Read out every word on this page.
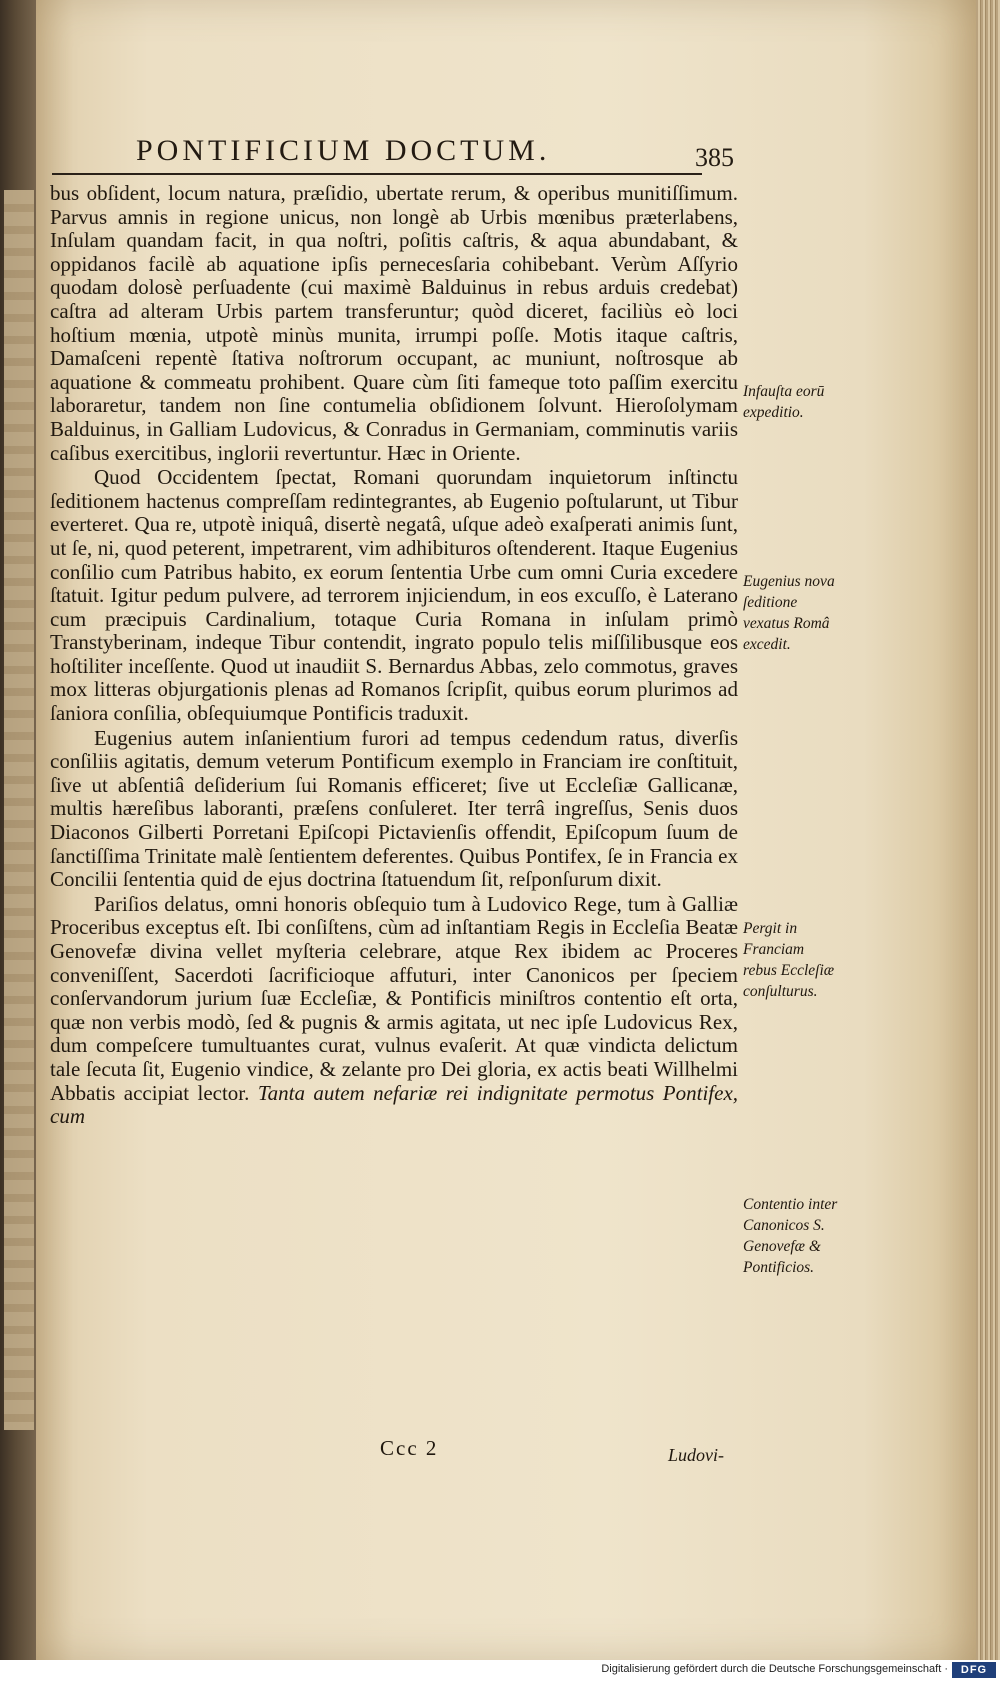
PONTIFICIUM DOCTUM.	385

bus obſident, locum natura, præſidio, ubertate rerum, & operibus munitiſſimum. Parvus amnis in regione unicus, non longè ab Urbis mœnibus præterlabens, Inſulam quandam facit, in qua noſtri, poſitis caſtris, & aqua abundabant, & oppidanos facilè ab aquatione ipſis pernecesſaria cohibebant. Verùm Aſſyrio quodam dolosè perſuadente (cui maximè Balduinus in rebus arduis credebat) caſtra ad alteram Urbis partem transferuntur; quòd diceret, faciliùs eò loci hoſtium mœnia, utpotè minùs munita, irrumpi poſſe. Motis itaque caſtris, Damaſceni repentè ſtativa noſtrorum occupant, ac muniunt, noſtrosque ab aquatione & commeatu prohibent. Quare cùm ſiti fameque toto paſſim exercitu laboraretur, tandem non ſine contumelia obſidionem ſolvunt. Hieroſolymam Balduinus, in Galliam Ludovicus, & Conradus in Germaniam, comminutis variis caſibus exercitibus, inglorii revertuntur. Hæc in Oriente.

Quod Occidentem ſpectat, Romani quorundam inquietorum inſtinctu ſeditionem hactenus compreſſam redintegrantes, ab Eugenio poſtularunt, ut Tibur everteret. Qua re, utpotè iniquâ, disertè negatâ, uſque adeò exaſperati animis ſunt, ut ſe, ni, quod peterent, impetrarent, vim adhibituros oſtenderent. Itaque Eugenius conſilio cum Patribus habito, ex eorum ſententia Urbe cum omni Curia excedere ſtatuit. Igitur pedum pulvere, ad terrorem injiciendum, in eos excuſſo, è Laterano cum præcipuis Cardinalium, totaque Curia Romana in inſulam primò Transtyberinam, indeque Tibur contendit, ingrato populo telis miſſilibusque eos hoſtiliter inceſſente. Quod ut inaudiit S. Bernardus Abbas, zelo commotus, graves mox litteras objurgationis plenas ad Romanos ſcripſit, quibus eorum plurimos ad ſaniora conſilia, obſequiumque Pontificis traduxit.

Eugenius autem inſanientium furori ad tempus cedendum ratus, diverſis conſiliis agitatis, demum veterum Pontificum exemplo in Franciam ire conſtituit, ſive ut abſentiâ deſiderium ſui Romanis efficeret; ſive ut Eccleſiæ Gallicanæ, multis hæreſibus laboranti, præſens conſuleret. Iter terrâ ingreſſus, Senis duos Diaconos Gilberti Porretani Epiſcopi Pictavienſis offendit, Epiſcopum ſuum de ſanctiſſima Trinitate malè ſentientem deferentes. Quibus Pontifex, ſe in Francia ex Concilii ſententia quid de ejus doctrina ſtatuendum ſit, reſponſurum dixit.

Pariſios delatus, omni honoris obſequio tum à Ludovico Rege, tum à Galliæ Proceribus exceptus eſt. Ibi conſiſtens, cùm ad inſtantiam Regis in Eccleſia Beatæ Genovefæ divina vellet myſteria celebrare, atque Rex ibidem ac Proceres conveniſſent, Sacerdoti ſacrificioque affuturi, inter Canonicos per ſpeciem conſervandorum jurium ſuæ Eccleſiæ, & Pontificis miniſtros contentio eſt orta, quæ non verbis modò, ſed & pugnis & armis agitata, ut nec ipſe Ludovicus Rex, dum compeſcere tumultuantes curat, vulnus evaſerit. At quæ vindicta delictum tale ſecuta ſit, Eugenio vindice, & zelante pro Dei gloria, ex actis beati Willhelmi Abbatis accipiat lector. Tanta autem nefariæ rei indignitate permotus Pontifex, cum

Infauſta eorū expeditio.
Eugenius nova ſeditione vexatus Româ excedit.
Pergit in Franciam rebus Eccleſiæ conſulturus.
Contentio inter Canonicos S. Genovefæ & Pontificios.
Ccc 2	Ludovi-
Digitalisierung gefördert durch die Deutsche Forschungsgemeinschaft ·	DFG
